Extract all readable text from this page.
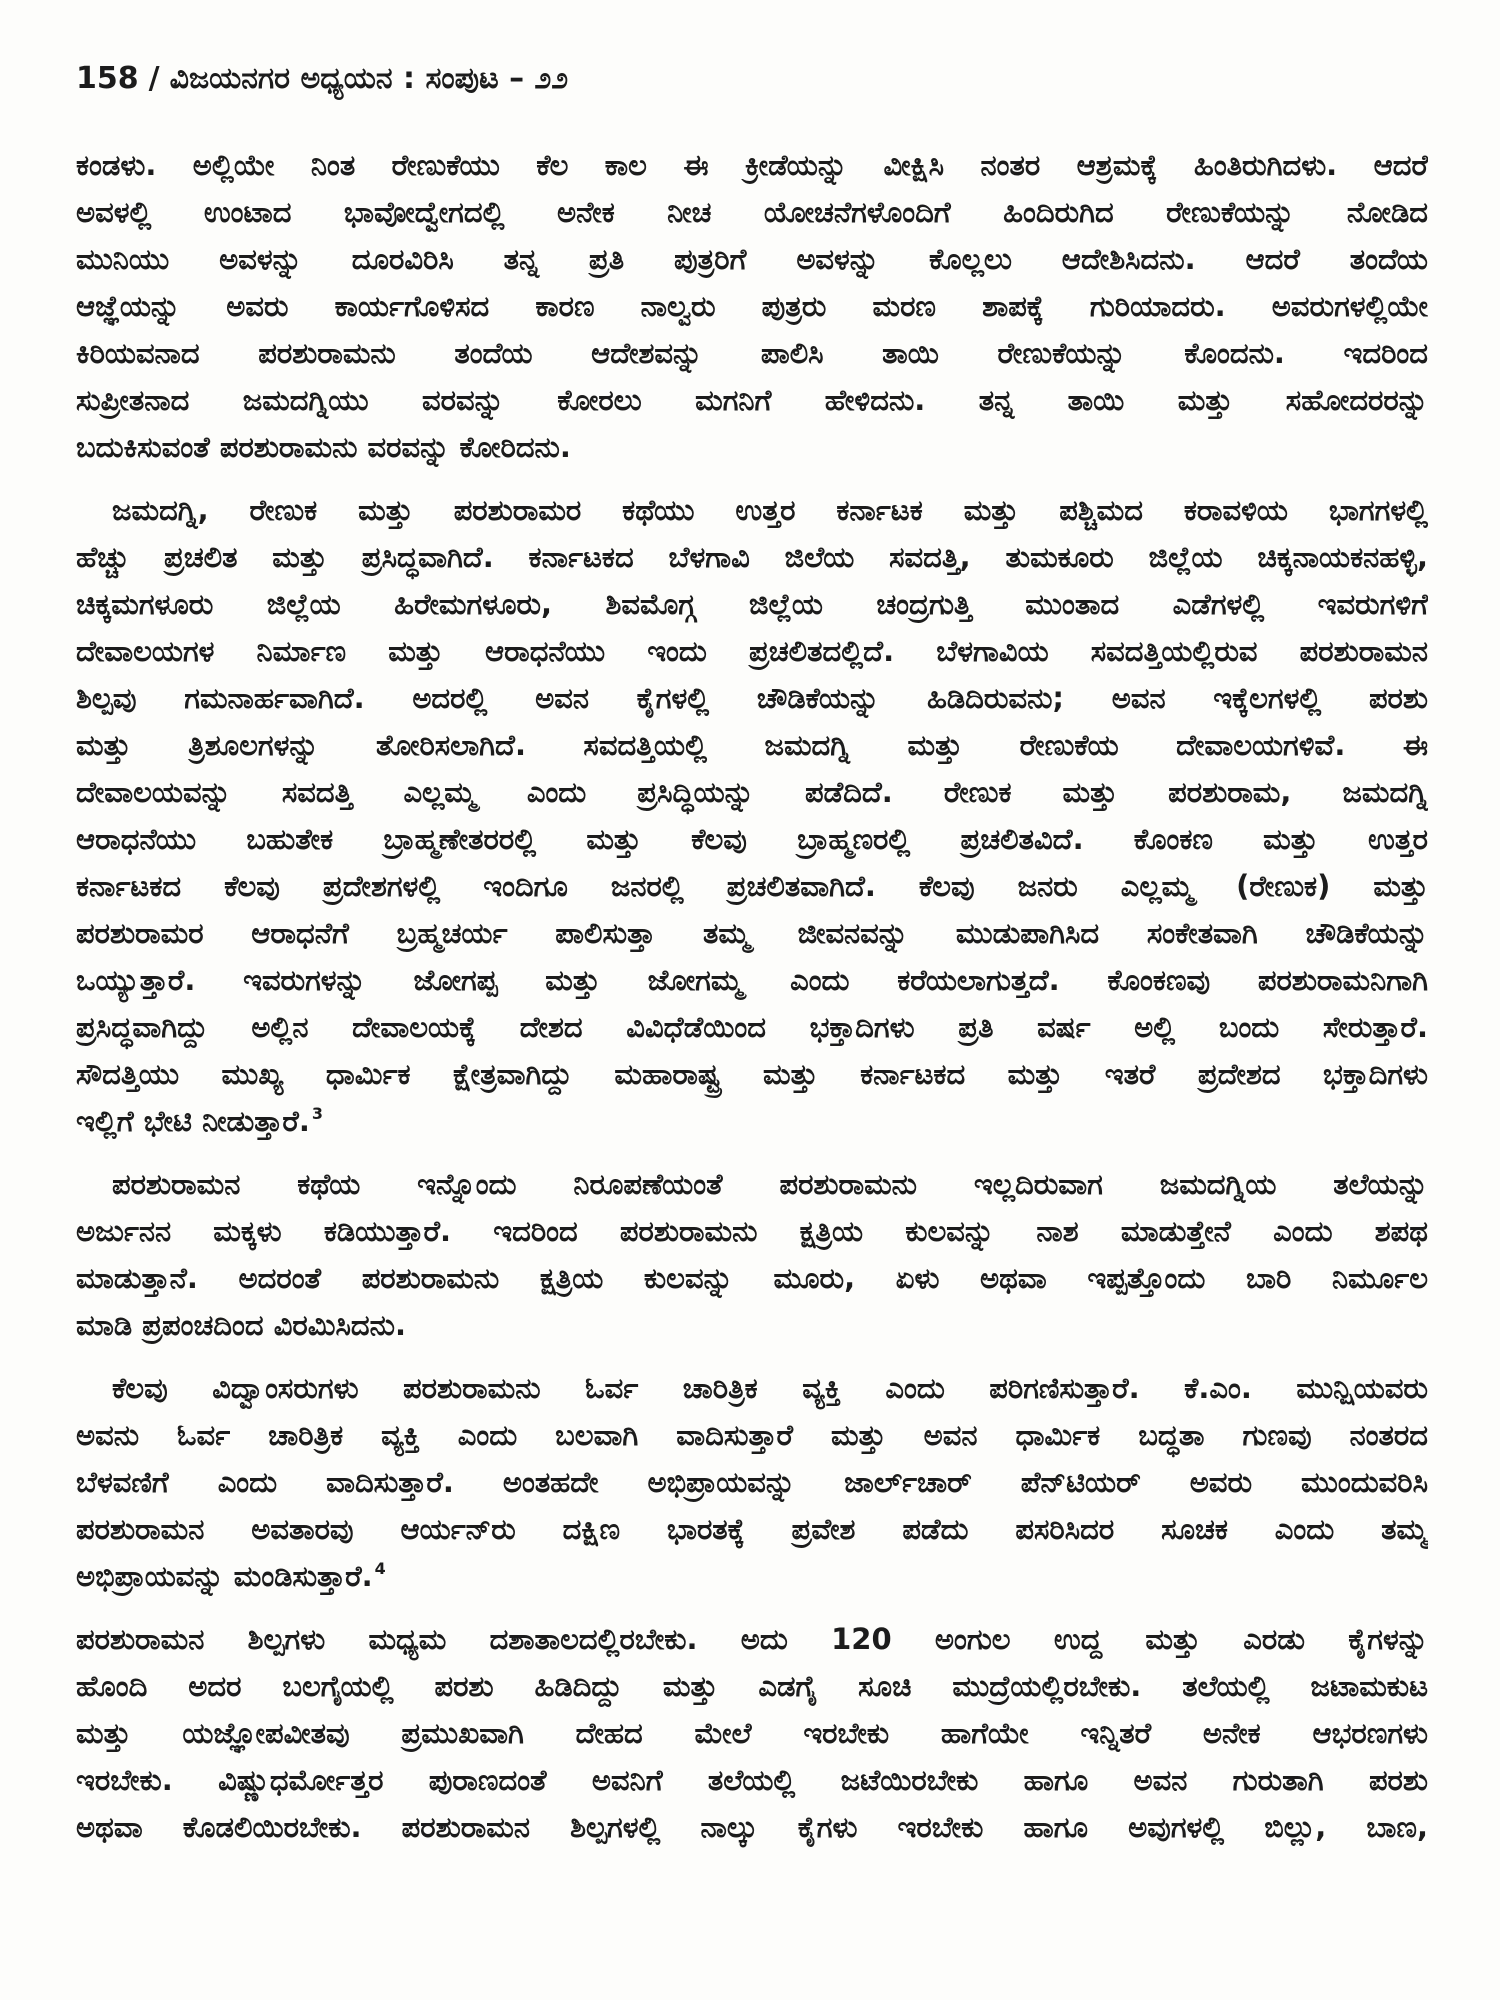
158 / ವಿಜಯನಗರ ಅಧ್ಯಯನ : ಸಂಪುಟ – ೨೨
ಕಂಡಳು. ಅಲ್ಲಿಯೇ ನಿಂತ ರೇಣುಕೆಯು ಕೆಲ ಕಾಲ ಈ ಕ್ರೀಡೆಯನ್ನು ವೀಕ್ಷಿಸಿ ನಂತರ ಆಶ್ರಮಕ್ಕೆ ಹಿಂತಿರುಗಿದಳು. ಆದರೆ
ಅವಳಲ್ಲಿ ಉಂಟಾದ ಭಾವೋದ್ವೇಗದಲ್ಲಿ ಅನೇಕ ನೀಚ ಯೋಚನೆಗಳೊಂದಿಗೆ ಹಿಂದಿರುಗಿದ ರೇಣುಕೆಯನ್ನು ನೋಡಿದ
ಮುನಿಯು ಅವಳನ್ನು ದೂರವಿರಿಸಿ ತನ್ನ ಪ್ರತಿ ಪುತ್ರರಿಗೆ ಅವಳನ್ನು ಕೊಲ್ಲಲು ಆದೇಶಿಸಿದನು. ಆದರೆ ತಂದೆಯ
ಆಜ್ಞೆಯನ್ನು ಅವರು ಕಾರ್ಯಗೊಳಿಸದ ಕಾರಣ ನಾಲ್ವರು ಪುತ್ರರು ಮರಣ ಶಾಪಕ್ಕೆ ಗುರಿಯಾದರು. ಅವರುಗಳಲ್ಲಿಯೇ
ಕಿರಿಯವನಾದ ಪರಶುರಾಮನು ತಂದೆಯ ಆದೇಶವನ್ನು ಪಾಲಿಸಿ ತಾಯಿ ರೇಣುಕೆಯನ್ನು ಕೊಂದನು. ಇದರಿಂದ
ಸುಪ್ರೀತನಾದ ಜಮದಗ್ನಿಯು ವರವನ್ನು ಕೋರಲು ಮಗನಿಗೆ ಹೇಳಿದನು. ತನ್ನ ತಾಯಿ ಮತ್ತು ಸಹೋದರರನ್ನು
ಬದುಕಿಸುವಂತೆ ಪರಶುರಾಮನು ವರವನ್ನು ಕೋರಿದನು.
ಜಮದಗ್ನಿ, ರೇಣುಕ ಮತ್ತು ಪರಶುರಾಮರ ಕಥೆಯು ಉತ್ತರ ಕರ್ನಾಟಕ ಮತ್ತು ಪಶ್ಚಿಮದ ಕರಾವಳಿಯ ಭಾಗಗಳಲ್ಲಿ
ಹೆಚ್ಚು ಪ್ರಚಲಿತ ಮತ್ತು ಪ್ರಸಿದ್ಧವಾಗಿದೆ. ಕರ್ನಾಟಕದ ಬೆಳಗಾವಿ ಜಿಲೆಯ ಸವದತ್ತಿ, ತುಮಕೂರು ಜಿಲ್ಲೆಯ ಚಿಕ್ಕನಾಯಕನಹಳ್ಳಿ,
ಚಿಕ್ಕಮಗಳೂರು ಜಿಲ್ಲೆಯ ಹಿರೇಮಗಳೂರು, ಶಿವಮೊಗ್ಗ ಜಿಲ್ಲೆಯ ಚಂದ್ರಗುತ್ತಿ ಮುಂತಾದ ಎಡೆಗಳಲ್ಲಿ ಇವರುಗಳಿಗೆ
ದೇವಾಲಯಗಳ ನಿರ್ಮಾಣ ಮತ್ತು ಆರಾಧನೆಯು ಇಂದು ಪ್ರಚಲಿತದಲ್ಲಿದೆ. ಬೆಳಗಾವಿಯ ಸವದತ್ತಿಯಲ್ಲಿರುವ ಪರಶುರಾಮನ
ಶಿಲ್ಪವು ಗಮನಾರ್ಹವಾಗಿದೆ. ಅದರಲ್ಲಿ ಅವನ ಕೈಗಳಲ್ಲಿ ಚೌಡಿಕೆಯನ್ನು ಹಿಡಿದಿರುವನು; ಅವನ ಇಕ್ಕೆಲಗಳಲ್ಲಿ ಪರಶು
ಮತ್ತು ತ್ರಿಶೂಲಗಳನ್ನು ತೋರಿಸಲಾಗಿದೆ. ಸವದತ್ತಿಯಲ್ಲಿ ಜಮದಗ್ನಿ ಮತ್ತು ರೇಣುಕೆಯ ದೇವಾಲಯಗಳಿವೆ. ಈ
ದೇವಾಲಯವನ್ನು ಸವದತ್ತಿ ಎಲ್ಲಮ್ಮ ಎಂದು ಪ್ರಸಿದ್ಧಿಯನ್ನು ಪಡೆದಿದೆ. ರೇಣುಕ ಮತ್ತು ಪರಶುರಾಮ, ಜಮದಗ್ನಿ
ಆರಾಧನೆಯು ಬಹುತೇಕ ಬ್ರಾಹ್ಮಣೇತರರಲ್ಲಿ ಮತ್ತು ಕೆಲವು ಬ್ರಾಹ್ಮಣರಲ್ಲಿ ಪ್ರಚಲಿತವಿದೆ. ಕೊಂಕಣ ಮತ್ತು ಉತ್ತರ
ಕರ್ನಾಟಕದ ಕೆಲವು ಪ್ರದೇಶಗಳಲ್ಲಿ ಇಂದಿಗೂ ಜನರಲ್ಲಿ ಪ್ರಚಲಿತವಾಗಿದೆ. ಕೆಲವು ಜನರು ಎಲ್ಲಮ್ಮ (ರೇಣುಕ) ಮತ್ತು
ಪರಶುರಾಮರ ಆರಾಧನೆಗೆ ಬ್ರಹ್ಮಚರ್ಯ ಪಾಲಿಸುತ್ತಾ ತಮ್ಮ ಜೀವನವನ್ನು ಮುಡುಪಾಗಿಸಿದ ಸಂಕೇತವಾಗಿ ಚೌಡಿಕೆಯನ್ನು
ಒಯ್ಯುತ್ತಾರೆ. ಇವರುಗಳನ್ನು ಜೋಗಪ್ಪ ಮತ್ತು ಜೋಗಮ್ಮ ಎಂದು ಕರೆಯಲಾಗುತ್ತದೆ. ಕೊಂಕಣವು ಪರಶುರಾಮನಿಗಾಗಿ
ಪ್ರಸಿದ್ಧವಾಗಿದ್ದು ಅಲ್ಲಿನ ದೇವಾಲಯಕ್ಕೆ ದೇಶದ ವಿವಿಧೆಡೆಯಿಂದ ಭಕ್ತಾದಿಗಳು ಪ್ರತಿ ವರ್ಷ ಅಲ್ಲಿ ಬಂದು ಸೇರುತ್ತಾರೆ.
ಸೌದತ್ತಿಯು ಮುಖ್ಯ ಧಾರ್ಮಿಕ ಕ್ಷೇತ್ರವಾಗಿದ್ದು ಮಹಾರಾಷ್ಟ್ರ ಮತ್ತು ಕರ್ನಾಟಕದ ಮತ್ತು ಇತರೆ ಪ್ರದೇಶದ ಭಕ್ತಾದಿಗಳು
ಇಲ್ಲಿಗೆ ಭೇಟಿ ನೀಡುತ್ತಾರೆ. $^3$
ಪರಶುರಾಮನ ಕಥೆಯ ಇನ್ನೊಂದು ನಿರೂಪಣೆಯಂತೆ ಪರಶುರಾಮನು ಇಲ್ಲದಿರುವಾಗ ಜಮದಗ್ನಿಯ ತಲೆಯನ್ನು
ಅರ್ಜುನನ ಮಕ್ಕಳು ಕಡಿಯುತ್ತಾರೆ. ಇದರಿಂದ ಪರಶುರಾಮನು ಕ್ಷತ್ರಿಯ ಕುಲವನ್ನು ನಾಶ ಮಾಡುತ್ತೇನೆ ಎಂದು ಶಪಥ
ಮಾಡುತ್ತಾನೆ. ಅದರಂತೆ ಪರಶುರಾಮನು ಕ್ಷತ್ರಿಯ ಕುಲವನ್ನು ಮೂರು, ಏಳು ಅಥವಾ ಇಪ್ಪತ್ತೊಂದು ಬಾರಿ ನಿರ್ಮೂಲ
ಮಾಡಿ ಪ್ರಪಂಚದಿಂದ ವಿರಮಿಸಿದನು.
ಕೆಲವು ವಿದ್ವಾಂಸರುಗಳು ಪರಶುರಾಮನು ಓರ್ವ ಚಾರಿತ್ರಿಕ ವ್ಯಕ್ತಿ ಎಂದು ಪರಿಗಣಿಸುತ್ತಾರೆ. ಕೆ.ಎಂ. ಮುನ್ಷಿಯವರು
ಅವನು ಓರ್ವ ಚಾರಿತ್ರಿಕ ವ್ಯಕ್ತಿ ಎಂದು ಬಲವಾಗಿ ವಾದಿಸುತ್ತಾರೆ ಮತ್ತು ಅವನ ಧಾರ್ಮಿಕ ಬದ್ಧತಾ ಗುಣವು ನಂತರದ
ಬೆಳವಣಿಗೆ ಎಂದು ವಾದಿಸುತ್ತಾರೆ. ಅಂತಹದೇ ಅಭಿಪ್ರಾಯವನ್ನು ಜಾರ್ಲ್‌ಚಾರ್ ಪೆನ್‌ಟಿಯರ್ ಅವರು ಮುಂದುವರಿಸಿ
ಪರಶುರಾಮನ ಅವತಾರವು ಆರ್ಯನ್‌ರು ದಕ್ಷಿಣ ಭಾರತಕ್ಕೆ ಪ್ರವೇಶ ಪಡೆದು ಪಸರಿಸಿದರ ಸೂಚಕ ಎಂದು ತಮ್ಮ
ಅಭಿಪ್ರಾಯವನ್ನು ಮಂಡಿಸುತ್ತಾರೆ. $^4$
ಪರಶುರಾಮನ ಶಿಲ್ಪಗಳು ಮಧ್ಯಮ ದಶಾತಾಲದಲ್ಲಿರಬೇಕು. ಅದು 120 ಅಂಗುಲ ಉದ್ದ ಮತ್ತು ಎರಡು ಕೈಗಳನ್ನು
ಹೊಂದಿ ಅದರ ಬಲಗೈಯಲ್ಲಿ ಪರಶು ಹಿಡಿದಿದ್ದು ಮತ್ತು ಎಡಗೈ ಸೂಚಿ ಮುದ್ರೆಯಲ್ಲಿರಬೇಕು. ತಲೆಯಲ್ಲಿ ಜಟಾಮಕುಟ
ಮತ್ತು ಯಜ್ಞೋಪವೀತವು ಪ್ರಮುಖವಾಗಿ ದೇಹದ ಮೇಲೆ ಇರಬೇಕು ಹಾಗೆಯೇ ಇನ್ನಿತರೆ ಅನೇಕ ಆಭರಣಗಳು
ಇರಬೇಕು. ವಿಷ್ಣುಧರ್ಮೋತ್ತರ ಪುರಾಣದಂತೆ ಅವನಿಗೆ ತಲೆಯಲ್ಲಿ ಜಟೆಯಿರಬೇಕು ಹಾಗೂ ಅವನ ಗುರುತಾಗಿ ಪರಶು
ಅಥವಾ ಕೊಡಲಿಯಿರಬೇಕು. ಪರಶುರಾಮನ ಶಿಲ್ಪಗಳಲ್ಲಿ ನಾಲ್ಕು ಕೈಗಳು ಇರಬೇಕು ಹಾಗೂ ಅವುಗಳಲ್ಲಿ ಬಿಲ್ಲು, ಬಾಣ,
